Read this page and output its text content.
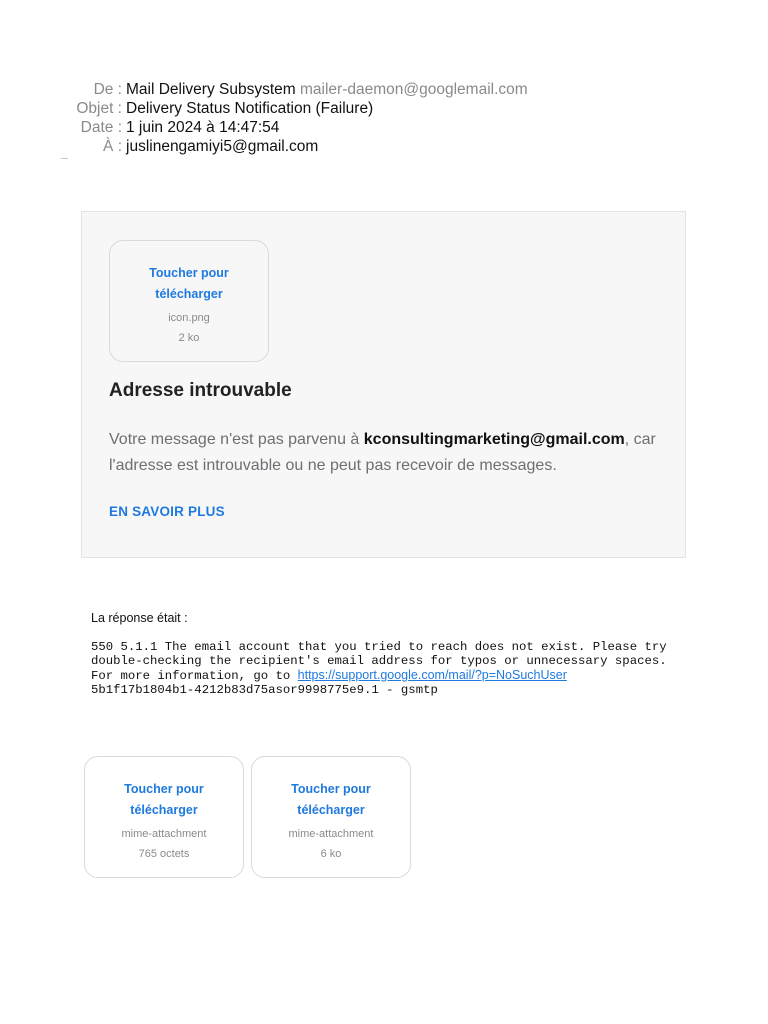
De : Mail Delivery Subsystem mailer-daemon@googlemail.com
Objet : Delivery Status Notification (Failure)
Date : 1 juin 2024 à 14:47:54
À : juslinengamiyi5@gmail.com
Toucher pour télécharger
icon.png
2 ko
Adresse introuvable
Votre message n'est pas parvenu à kconsultingmarketing@gmail.com, car l'adresse est introuvable ou ne peut pas recevoir de messages.
EN SAVOIR PLUS
La réponse était :
550 5.1.1 The email account that you tried to reach does not exist. Please try double-checking the recipient's email address for typos or unnecessary spaces. For more information, go to https://support.google.com/mail/?p=NoSuchUser
5b1f17b1804b1-4212b83d75asor9998775e9.1 - gsmtp
Toucher pour télécharger
mime-attachment
765 octets
Toucher pour télécharger
mime-attachment
6 ko
